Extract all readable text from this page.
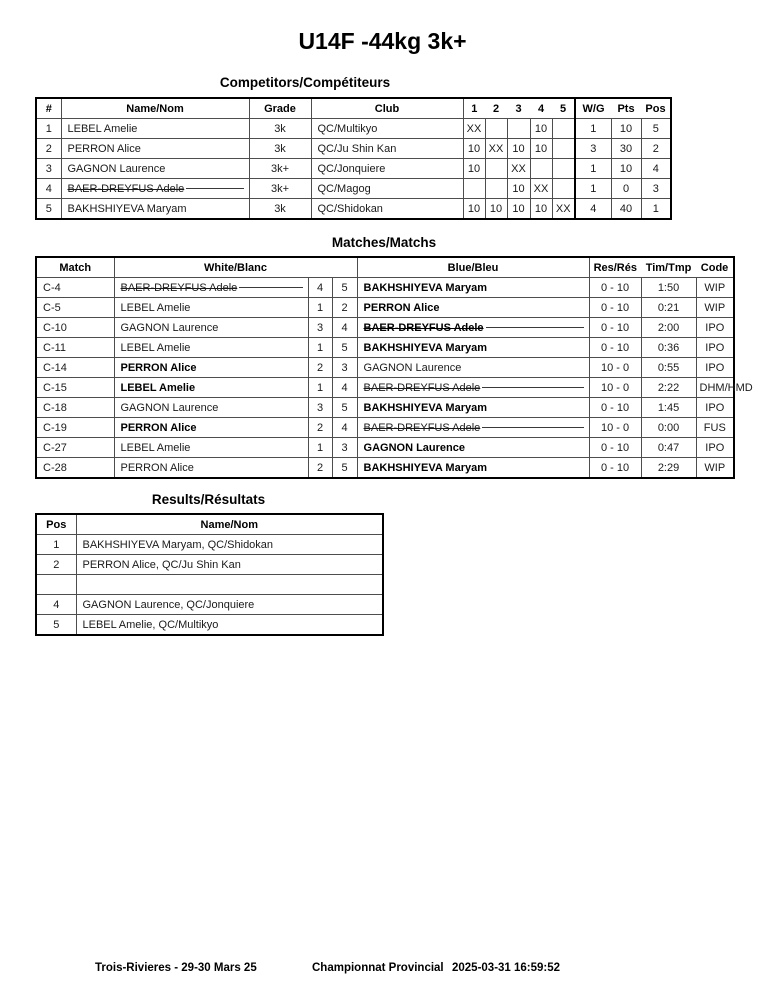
U14F -44kg 3k+
Competitors/Compétiteurs
#	Name/Nom	Grade	Club	1	2	3	4	5	W/G	Pts	Pos
1	LEBEL Amelie	3k	QC/Multikyo	XX			10		1	10	5
2	PERRON Alice	3k	QC/Ju Shin Kan	10	XX	10	10		3	30	2
3	GAGNON Laurence	3k+	QC/Jonquiere	10		XX			1	10	4
4	BAER-DREYFUS Adele	3k+	QC/Magog			10	XX		1	0	3
5	BAKHSHIYEVA Maryam	3k	QC/Shidokan	10	10	10	10	XX	4	40	1
Matches/Matchs
Match	White/Blanc			Blue/Bleu	Res/Rés	Tim/Tmp	Code
C-4	BAER-DREYFUS Adele	4	5	BAKHSHIYEVA Maryam	0 - 10	1:50	WIP
C-5	LEBEL Amelie	1	2	PERRON Alice	0 - 10	0:21	WIP
C-10	GAGNON Laurence	3	4	BAER-DREYFUS Adele	0 - 10	2:00	IPO
C-11	LEBEL Amelie	1	5	BAKHSHIYEVA Maryam	0 - 10	0:36	IPO
C-14	PERRON Alice	2	3	GAGNON Laurence	10 - 0	0:55	IPO
C-15	LEBEL Amelie	1	4	BAER-DREYFUS Adele	10 - 0	2:22	DHM/HMD
C-18	GAGNON Laurence	3	5	BAKHSHIYEVA Maryam	0 - 10	1:45	IPO
C-19	PERRON Alice	2	4	BAER-DREYFUS Adele	10 - 0	0:00	FUS
C-27	LEBEL Amelie	1	3	GAGNON Laurence	0 - 10	0:47	IPO
C-28	PERRON Alice	2	5	BAKHSHIYEVA Maryam	0 - 10	2:29	WIP
Results/Résultats
Pos	Name/Nom
1	BAKHSHIYEVA Maryam, QC/Shidokan
2	PERRON Alice, QC/Ju Shin Kan

4	GAGNON Laurence, QC/Jonquiere
5	LEBEL Amelie, QC/Multikyo
Trois-Rivieres - 29-30 Mars 25	Championnat Provincial 2025-03-31 16:59:52
